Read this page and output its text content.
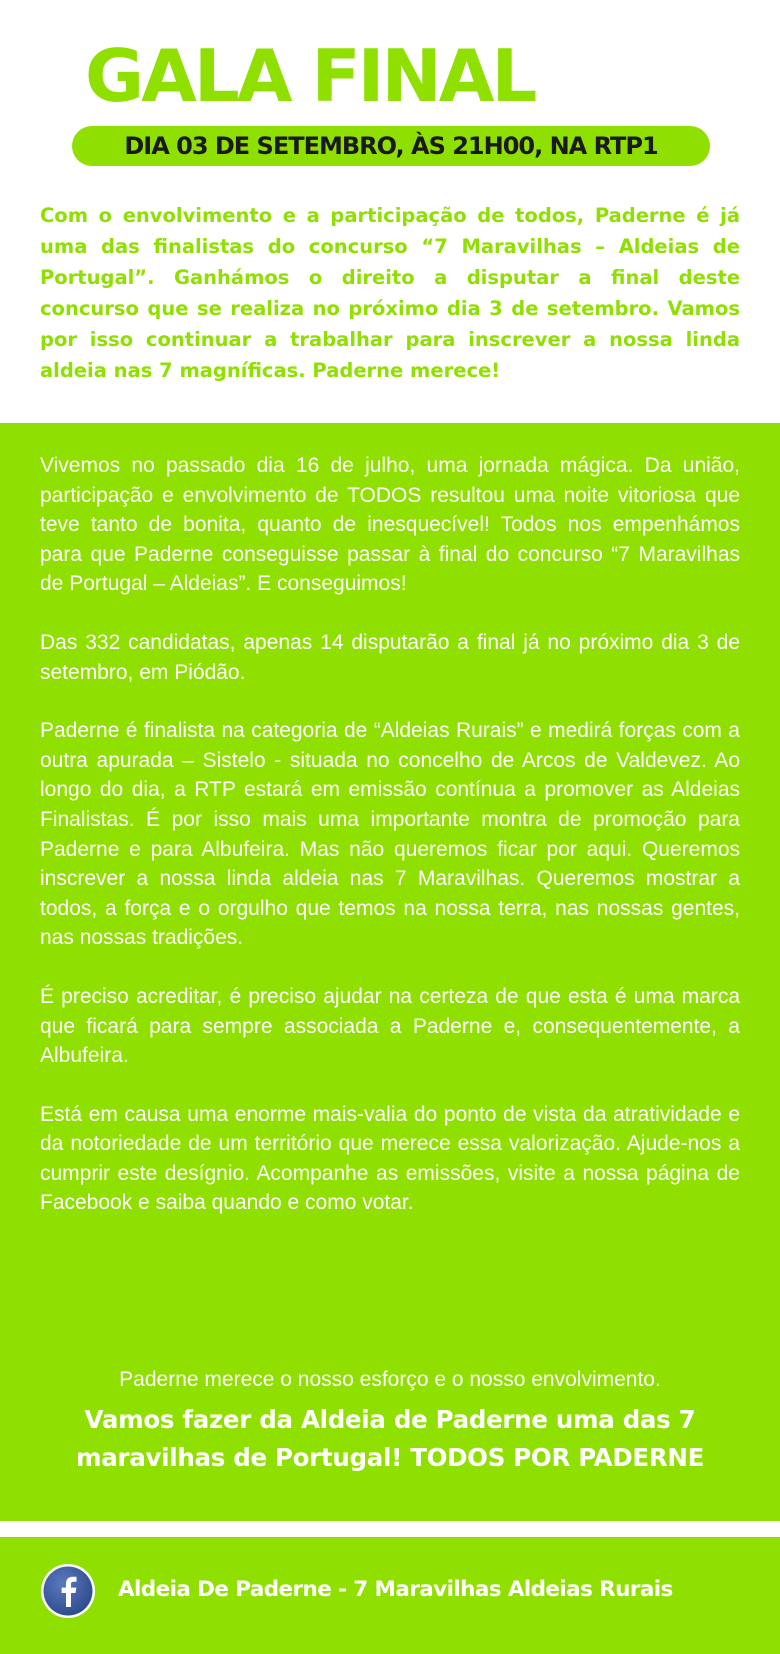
GALA FINAL
DIA 03 DE SETEMBRO, ÀS 21H00, NA RTP1

Com o envolvimento e a participação de todos, Paderne é já uma das finalistas do concurso “7 Maravilhas – Aldeias de Portugal”. Ganhámos o direito a disputar a final deste concurso que se realiza no próximo dia 3 de setembro. Vamos por isso continuar a trabalhar para inscrever a nossa linda aldeia nas 7 magníficas. Paderne merece!

Vivemos no passado dia 16 de julho, uma jornada mágica. Da união, participação e envolvimento de TODOS resultou uma noite vitoriosa que teve tanto de bonita, quanto de inesquecível! Todos nos empenhámos para que Paderne conseguisse passar à final do concurso “7 Maravilhas de Portugal – Aldeias”. E conseguimos!

Das 332 candidatas, apenas 14 disputarão a final já no próximo dia 3 de setembro, em Piódão.

Paderne é finalista na categoria de “Aldeias Rurais” e medirá forças com a outra apurada – Sistelo - situada no concelho de Arcos de Valdevez. Ao longo do dia, a RTP estará em emissão contínua a promover as Aldeias Finalistas. É por isso mais uma importante montra de promoção para Paderne e para Albufeira. Mas não queremos ficar por aqui. Queremos inscrever a nossa linda aldeia nas 7 Maravilhas. Queremos mostrar a todos, a força e o orgulho que temos na nossa terra, nas nossas gentes, nas nossas tradições.

É preciso acreditar, é preciso ajudar na certeza de que esta é uma marca que ficará para sempre associada a Paderne e, consequentemente, a Albufeira.

Está em causa uma enorme mais-valia do ponto de vista da atratividade e da notoriedade de um território que merece essa valorização. Ajude-nos a cumprir este desígnio. Acompanhe as emissões, visite a nossa página de Facebook e saiba quando e como votar.

Paderne merece o nosso esforço e o nosso envolvimento.

Vamos fazer da Aldeia de Paderne uma das 7 maravilhas de Portugal! TODOS POR PADERNE

Aldeia De Paderne - 7 Maravilhas Aldeias Rurais
